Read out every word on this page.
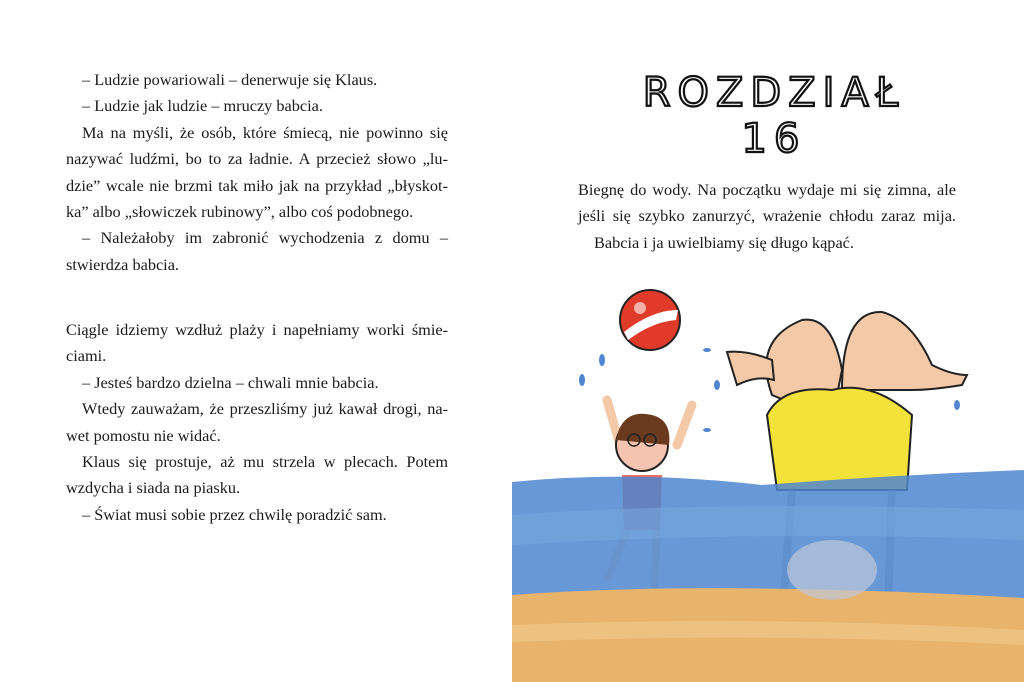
– Ludzie powariowali – denerwuje się Klaus.
– Ludzie jak ludzie – mruczy babcia.
Ma na myśli, że osób, które śmiecą, nie powinno się
nazywać ludźmi, bo to za ładnie. A przecież słowo „lu-
dzie” wcale nie brzmi tak miło jak na przykład „błyskot-
ka” albo „słowiczek rubinowy”, albo coś podobnego.
– Należałoby im zabronić wychodzenia z domu –
stwierdza babcia.
Ciągle idziemy wzdłuż plaży i napełniamy worki śmie-
ciami.
– Jesteś bardzo dzielna – chwali mnie babcia.
Wtedy zauważam, że przeszliśmy już kawał drogi, na-
wet pomostu nie widać.
Klaus się prostuje, aż mu strzela w plecach. Potem
wzdycha i siada na piasku.
– Świat musi sobie przez chwilę poradzić sam.
ROZDZIAŁ 16
Biegnę do wody. Na początku wydaje mi się zimna, ale
jeśli się szybko zanurzyć, wrażenie chłodu zaraz mija.
Babcia i ja uwielbiamy się długo kąpać.
